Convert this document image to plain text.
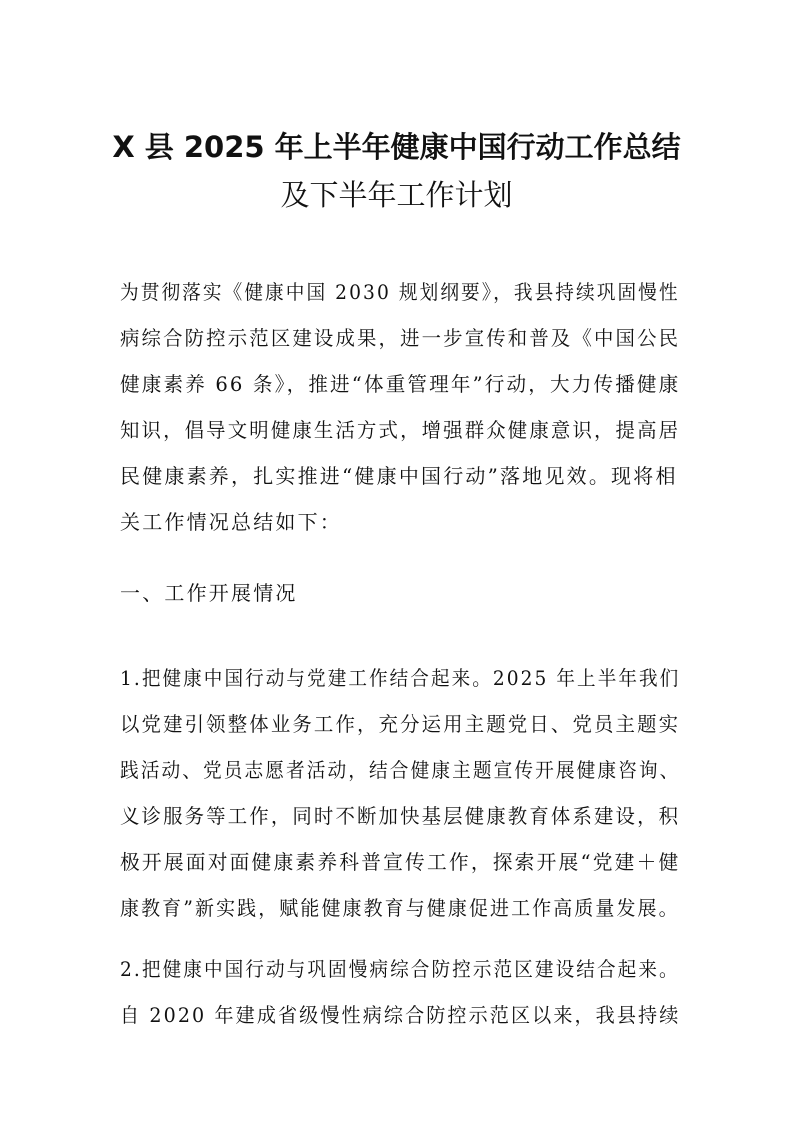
X 县 2025 年上半年健康中国行动工作总结
及下半年工作计划
为贯彻落实《健康中国 2030 规划纲要》，我县持续巩固慢性
病综合防控示范区建设成果，进一步宣传和普及《中国公民
健康素养 66 条》，推进“体重管理年”行动，大力传播健康
知识，倡导文明健康生活方式，增强群众健康意识，提高居
民健康素养，扎实推进“健康中国行动”落地见效。现将相
关工作情况总结如下：
一、工作开展情况
1.把健康中国行动与党建工作结合起来。2025 年上半年我们
以党建引领整体业务工作，充分运用主题党日、党员主题实
践活动、党员志愿者活动，结合健康主题宣传开展健康咨询、
义诊服务等工作，同时不断加快基层健康教育体系建设，积
极开展面对面健康素养科普宣传工作，探索开展“党建＋健
康教育”新实践，赋能健康教育与健康促进工作高质量发展。
2.把健康中国行动与巩固慢病综合防控示范区建设结合起来。
自 2020 年建成省级慢性病综合防控示范区以来，我县持续
